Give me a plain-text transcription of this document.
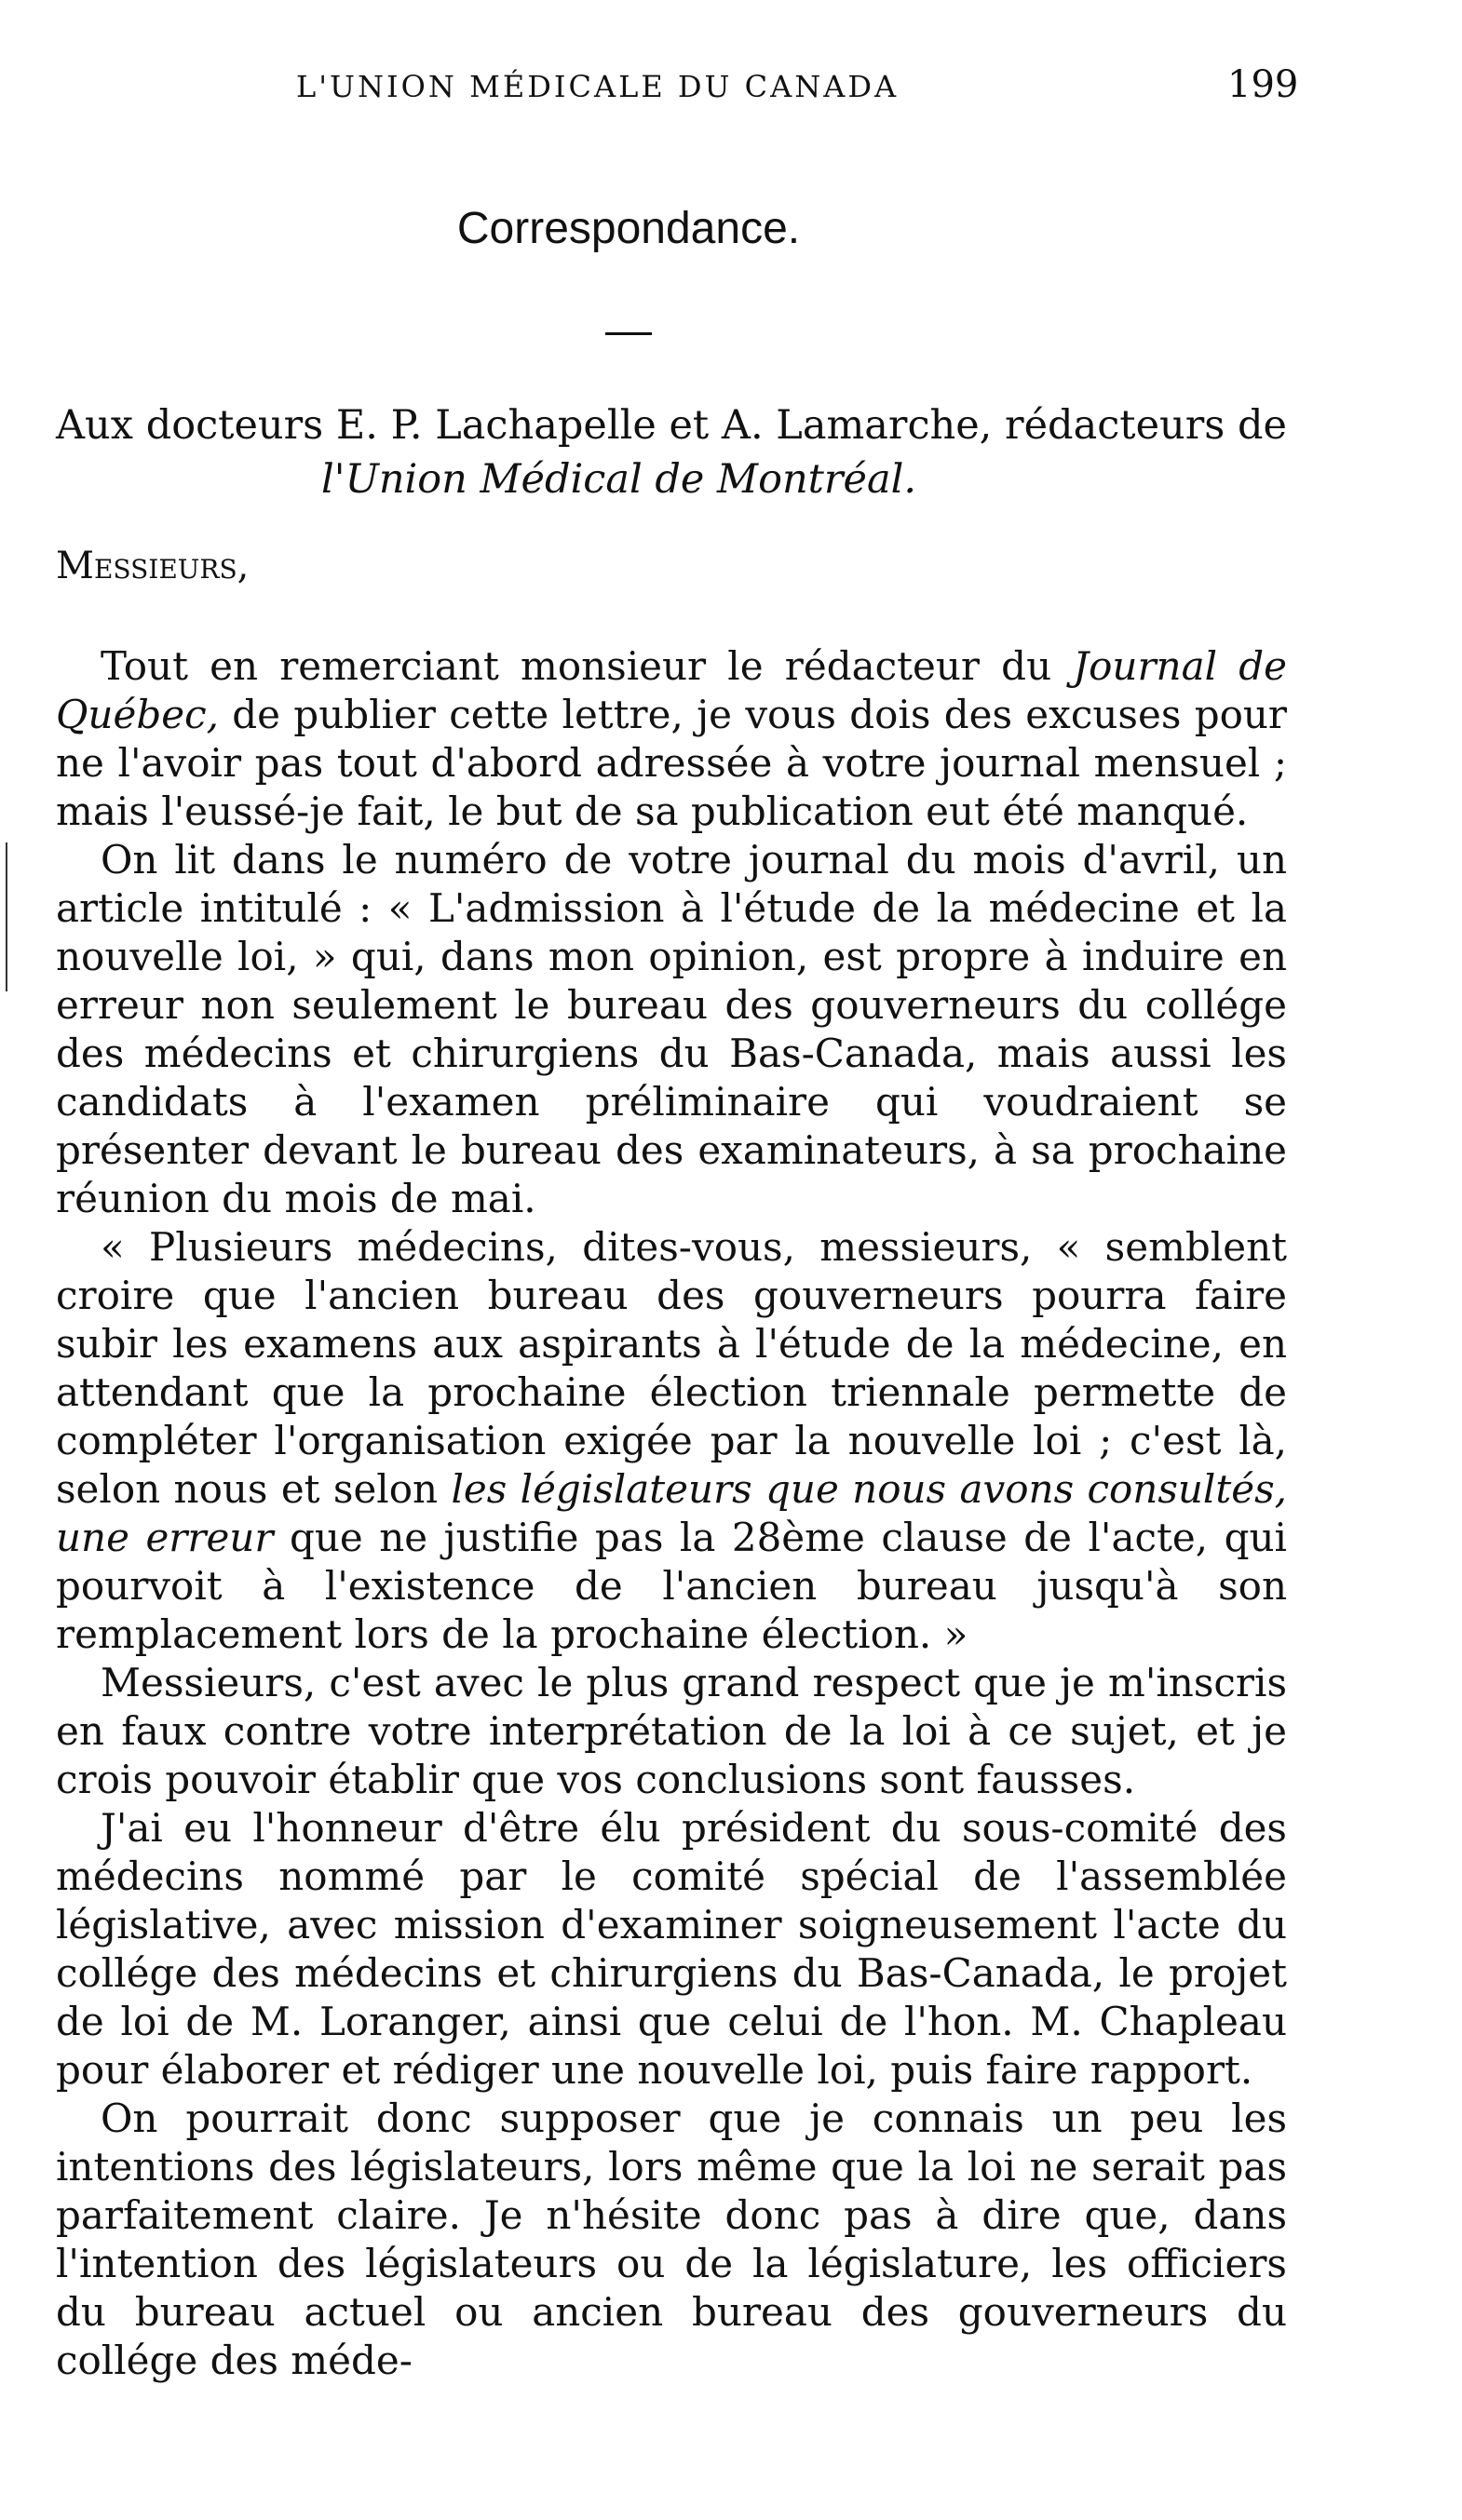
L'UNION MÉDICALE DU CANADA	199
Correspondance.
Aux docteurs E. P. Lachapelle et A. Lamarche, rédacteurs de
l'Union Médical de Montréal.
Messieurs,

Tout en remerciant monsieur le rédacteur du Journal de Québec, de publier cette lettre, je vous dois des excuses pour ne l'avoir pas tout d'abord adressée à votre journal mensuel ; mais l'eussé-je fait, le but de sa publication eut été manqué.

On lit dans le numéro de votre journal du mois d'avril, un article intitulé : « L'admission à l'étude de la médecine et la nouvelle loi, » qui, dans mon opinion, est propre à induire en erreur non seulement le bureau des gouverneurs du collége des médecins et chirurgiens du Bas-Canada, mais aussi les candidats à l'examen préliminaire qui voudraient se présenter devant le bureau des examinateurs, à sa prochaine réunion du mois de mai.

« Plusieurs médecins, dites-vous, messieurs, « semblent croire que l'ancien bureau des gouverneurs pourra faire subir les examens aux aspirants à l'étude de la médecine, en attendant que la prochaine élection triennale permette de compléter l'organisation exigée par la nouvelle loi ; c'est là, selon nous et selon les législateurs que nous avons consultés, une erreur que ne justifie pas la 28ème clause de l'acte, qui pourvoit à l'existence de l'ancien bureau jusqu'à son remplacement lors de la prochaine élection. »

Messieurs, c'est avec le plus grand respect que je m'inscris en faux contre votre interprétation de la loi à ce sujet, et je crois pouvoir établir que vos conclusions sont fausses.

J'ai eu l'honneur d'être élu président du sous-comité des médecins nommé par le comité spécial de l'assemblée législative, avec mission d'examiner soigneusement l'acte du collége des médecins et chirurgiens du Bas-Canada, le projet de loi de M. Loranger, ainsi que celui de l'hon. M. Chapleau pour élaborer et rédiger une nouvelle loi, puis faire rapport.

On pourrait donc supposer que je connais un peu les intentions des législateurs, lors même que la loi ne serait pas parfaitement claire. Je n'hésite donc pas à dire que, dans l'intention des législateurs ou de la législature, les officiers du bureau actuel ou ancien bureau des gouverneurs du collége des méde-
